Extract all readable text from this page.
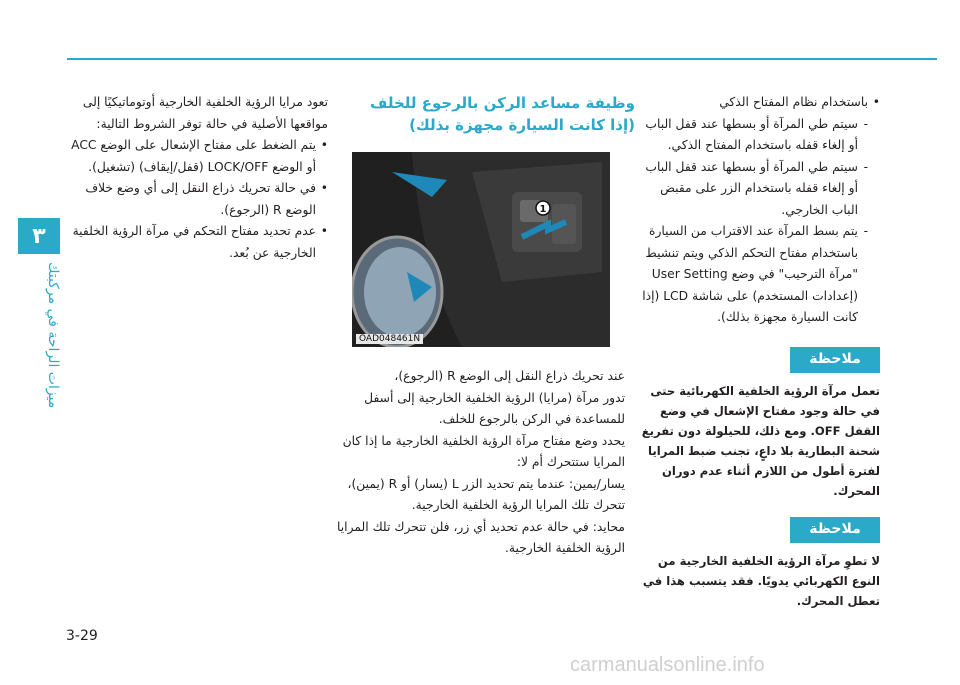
٣
ميزات الراحة في مركبتك
• باستخدام نظام المفتاح الذكي
- سيتم طي المرآة أو بسطها عند قفل الباب أو إلغاء قفله باستخدام المفتاح الذكي.
- سيتم طي المرآة أو بسطها عند قفل الباب أو إلغاء قفله باستخدام الزر على مقبض الباب الخارجي.
- يتم بسط المرآة عند الاقتراب من السيارة باستخدام مفتاح التحكم الذكي ويتم تنشيط "مرآة الترحيب" في وضع User Setting (إعدادات المستخدم) على شاشة LCD (إذا كانت السيارة مجهزة بذلك).
ملاحظة
تعمل مرآة الرؤية الخلفية الكهربائية حتى في حالة وجود مفتاح الإشعال في وضع القفل OFF. ومع ذلك، للحيلولة دون تفريغ شحنة البطارية بلا داعٍ، تجنب ضبط المرايا لفترة أطول من اللازم أثناء عدم دوران المحرك.
ملاحظة
لا تطوِ مرآة الرؤية الخلفية الخارجية من النوع الكهربائي يدويًا. فقد يتسبب هذا في تعطل المحرك.
وظيفة مساعد الركن بالرجوع للخلف
(إذا كانت السيارة مجهزة بذلك)
1
OAD048461N
عند تحريك ذراع النقل إلى الوضع R (الرجوع)،
تدور مرآة (مرايا) الرؤية الخلفية الخارجية إلى أسفل للمساعدة في الركن بالرجوع للخلف.
يحدد وضع مفتاح مرآة الرؤية الخلفية الخارجية ما إذا كان المرايا ستتحرك أم لا:
يسار/يمين: عندما يتم تحديد الزر L (يسار) أو R (يمين)، تتحرك تلك المرايا الرؤية الخلفية الخارجية.
محايد: في حالة عدم تحديد أي زر، فلن تتحرك تلك المرايا الرؤية الخلفية الخارجية.
تعود مرايا الرؤية الخلفية الخارجية أوتوماتيكيًا إلى مواقعها الأصلية في حالة توفر الشروط التالية:
• يتم الضغط على مفتاح الإشعال على الوضع ACC أو الوضع LOCK/OFF (قفل/إيقاف) (تشغيل).
• في حالة تحريك ذراع النقل إلى أي وضع خلاف الوضع R (الرجوع).
• عدم تحديد مفتاح التحكم في مرآة الرؤية الخلفية الخارجية عن بُعد.
3-29
carmanualsonline.info
